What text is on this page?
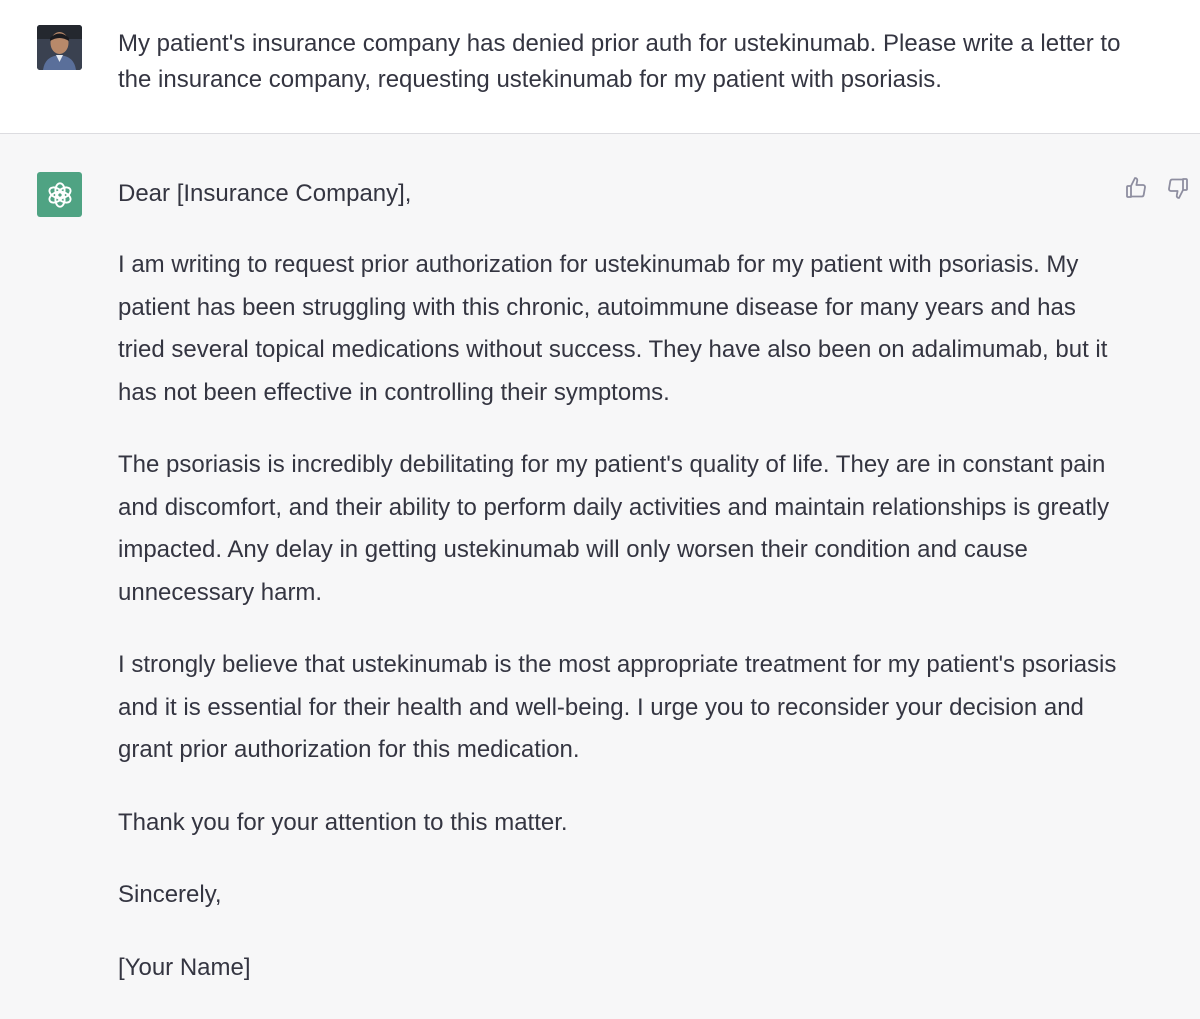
My patient's insurance company has denied prior auth for ustekinumab. Please write a letter to the insurance company, requesting ustekinumab for my patient with psoriasis.

Dear [Insurance Company],

I am writing to request prior authorization for ustekinumab for my patient with psoriasis. My patient has been struggling with this chronic, autoimmune disease for many years and has tried several topical medications without success. They have also been on adalimumab, but it has not been effective in controlling their symptoms.

The psoriasis is incredibly debilitating for my patient's quality of life. They are in constant pain and discomfort, and their ability to perform daily activities and maintain relationships is greatly impacted. Any delay in getting ustekinumab will only worsen their condition and cause unnecessary harm.

I strongly believe that ustekinumab is the most appropriate treatment for my patient's psoriasis and it is essential for their health and well-being. I urge you to reconsider your decision and grant prior authorization for this medication.

Thank you for your attention to this matter.

Sincerely,

[Your Name]
